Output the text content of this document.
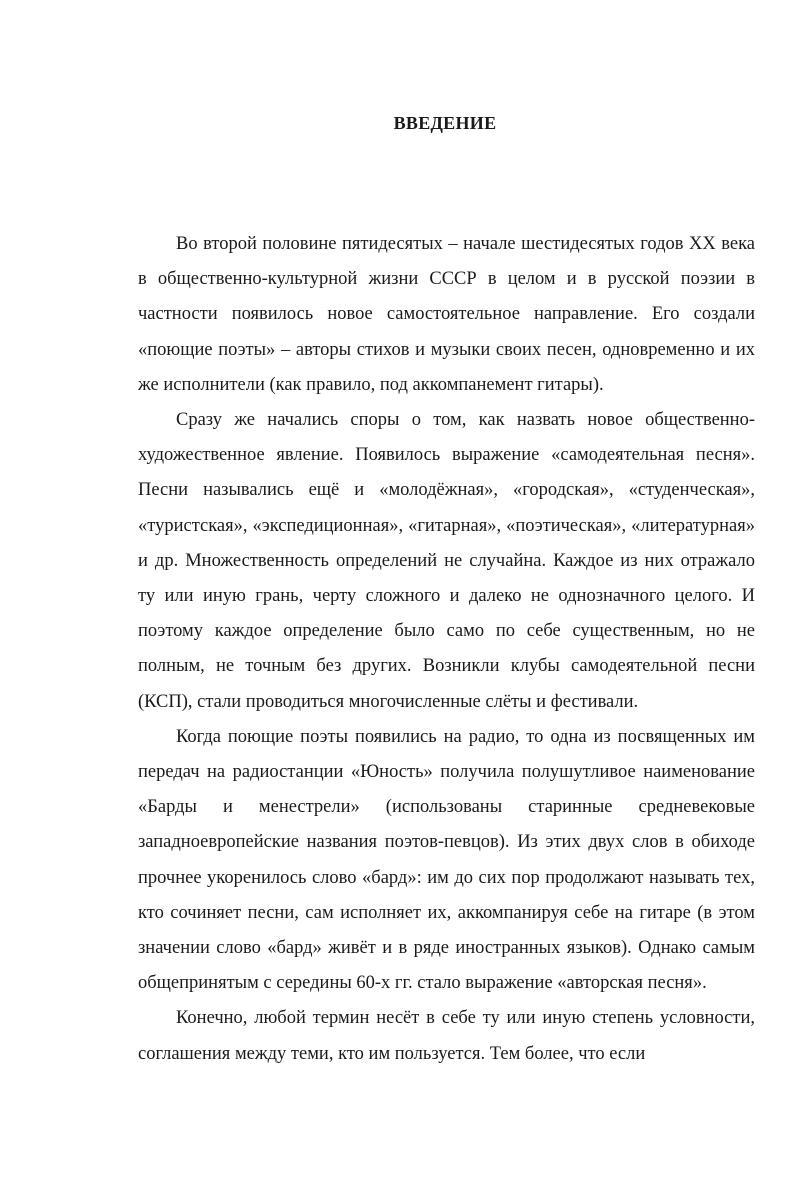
ВВЕДЕНИЕ

Во второй половине пятидесятых – начале шестидесятых годов XX века в общественно-культурной жизни СССР в целом и в русской поэзии в частности появилось новое самостоятельное направление. Его создали «поющие поэты» – авторы стихов и музыки своих песен, одновременно и их же исполнители (как правило, под аккомпанемент гитары).

Сразу же начались споры о том, как назвать новое общественно-художественное явление. Появилось выражение «самодеятельная песня». Песни назывались ещё и «молодёжная», «городская», «студенческая», «туристская», «экспедиционная», «гитарная», «поэтическая», «литературная» и др. Множественность определений не случайна. Каждое из них отражало ту или иную грань, черту сложного и далеко не однозначного целого. И поэтому каждое определение было само по себе существенным, но не полным, не точным без других. Возникли клубы самодеятельной песни (КСП), стали проводиться многочисленные слёты и фестивали.

Когда поющие поэты появились на радио, то одна из посвященных им передач на радиостанции «Юность» получила полушутливое наименование «Барды и менестрели» (использованы старинные средневековые западноевропейские названия поэтов-певцов). Из этих двух слов в обиходе прочнее укоренилось слово «бард»: им до сих пор продолжают называть тех, кто сочиняет песни, сам исполняет их, аккомпанируя себе на гитаре (в этом значении слово «бард» живёт и в ряде иностранных языков). Однако самым общепринятым с середины 60-х гг. стало выражение «авторская песня».

Конечно, любой термин несёт в себе ту или иную степень условности, соглашения между теми, кто им пользуется. Тем более, что если
